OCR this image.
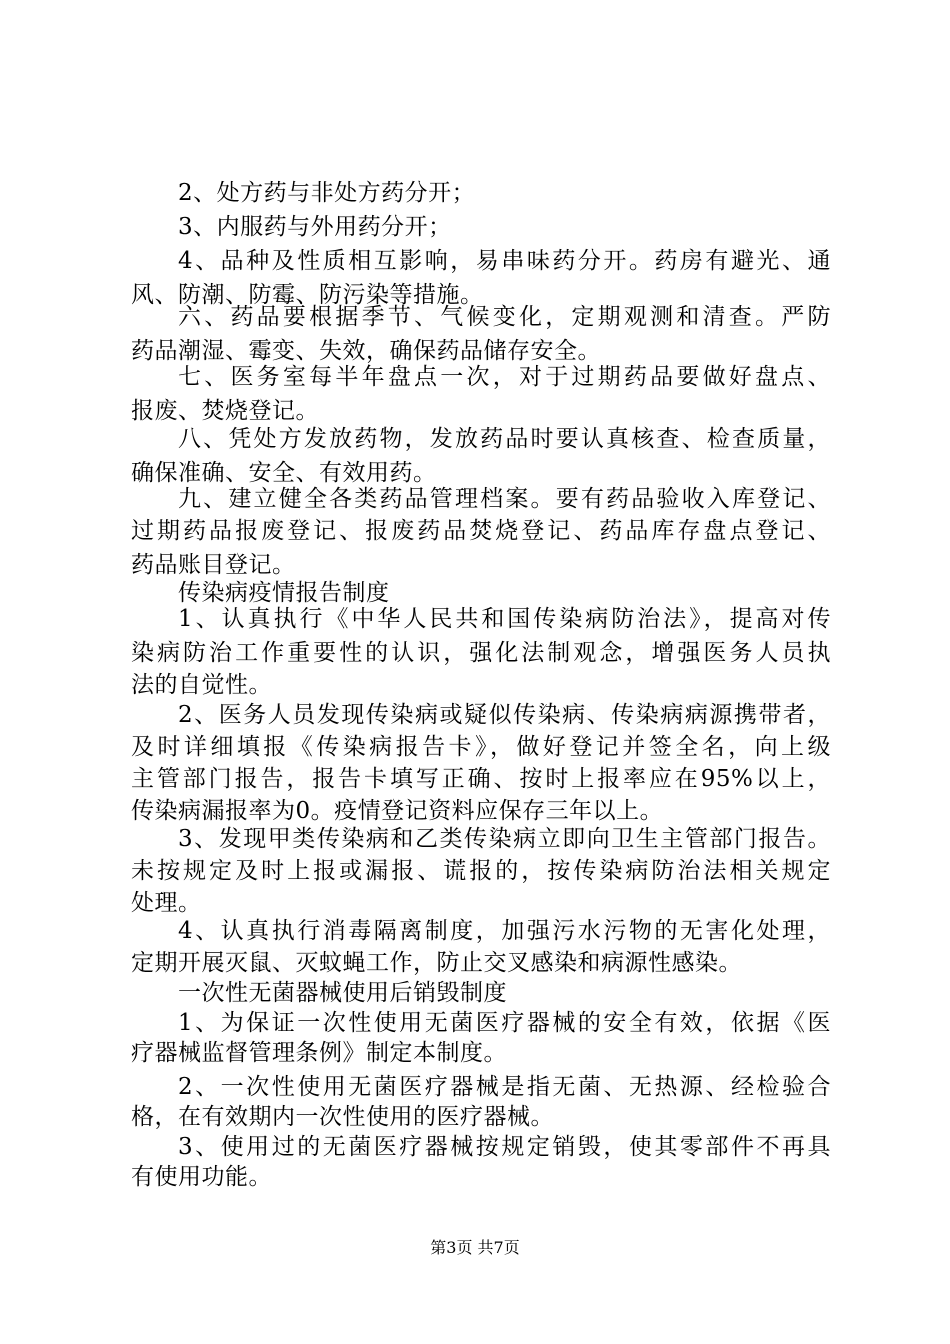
2、处方药与非处方药分开；
3、内服药与外用药分开；
4、品种及性质相互影响，易串味药分开。药房有避光、通
风、防潮、防霉、防污染等措施。
六、药品要根据季节、气候变化，定期观测和清查。严防
药品潮湿、霉变、失效，确保药品储存安全。
七、医务室每半年盘点一次，对于过期药品要做好盘点、
报废、焚烧登记。
八、凭处方发放药物，发放药品时要认真核查、检查质量，
确保准确、安全、有效用药。
九、建立健全各类药品管理档案。要有药品验收入库登记、
过期药品报废登记、报废药品焚烧登记、药品库存盘点登记、
药品账目登记。
传染病疫情报告制度
1、认真执行《中华人民共和国传染病防治法》，提高对传
染病防治工作重要性的认识，强化法制观念，增强医务人员执
法的自觉性。
2、医务人员发现传染病或疑似传染病、传染病病源携带者，
及时详细填报《传染病报告卡》，做好登记并签全名，向上级
主管部门报告，报告卡填写正确、按时上报率应在95%以上，
传染病漏报率为0。疫情登记资料应保存三年以上。
3、发现甲类传染病和乙类传染病立即向卫生主管部门报告。
未按规定及时上报或漏报、谎报的，按传染病防治法相关规定
处理。
4、认真执行消毒隔离制度，加强污水污物的无害化处理，
定期开展灭鼠、灭蚊蝇工作，防止交叉感染和病源性感染。
一次性无菌器械使用后销毁制度
1、为保证一次性使用无菌医疗器械的安全有效，依据《医
疗器械监督管理条例》制定本制度。
2、一次性使用无菌医疗器械是指无菌、无热源、经检验合
格，在有效期内一次性使用的医疗器械。
3、使用过的无菌医疗器械按规定销毁，使其零部件不再具
有使用功能。
第3页 共7页
